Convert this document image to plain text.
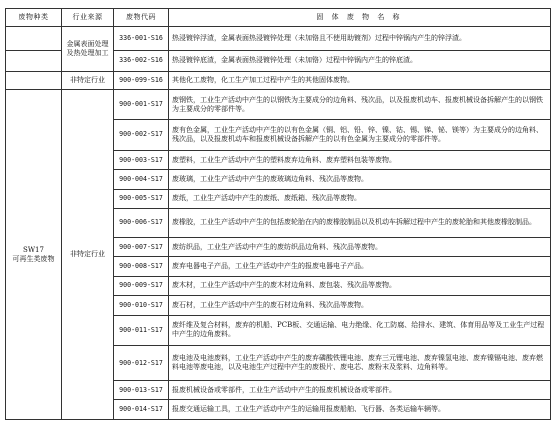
废物种类	行业来源	废物代码	固 体 废 物 名 称
	金属表面处理及热处理加工	336-001-S16	热浸镀锌浮渣，金属表面热浸镀锌处理（未加铬且不使用助镀剂）过程中锌锅内产生的锌浮渣。
		336-002-S16	热浸镀锌底渣，金属表面热浸镀锌处理（未加铬）过程中锌锅内产生的锌底渣。
	非特定行业	900-099-S16	其他化工废物，化工生产加工过程中产生的其他固体废物。

SW17
可再生类废物	非特定行业	900-001-S17	废钢铁，工业生产活动中产生的以钢铁为主要成分的边角料、残次品，以及报废机动车、报废机械设备拆解产生的以钢铁为主要成分的零部件等。
		900-002-S17	废有色金属，工业生产活动中产生的以有色金属（铜、铝、铅、锌、镍、钴、锡、锑、铋、镁等）为主要成分的边角料、残次品，以及报废机动车和报废机械设备拆解产生的以有色金属为主要成分的零部件等。
		900-003-S17	废塑料，工业生产活动中产生的塑料废弃边角料、废弃塑料包装等废物。
		900-004-S17	废玻璃，工业生产活动中产生的废玻璃边角料、残次品等废物。
		900-005-S17	废纸，工业生产活动中产生的废纸、废纸箱、残次品等废物。
		900-006-S17	废橡胶，工业生产活动中产生的包括废轮胎在内的废橡胶制品以及机动车拆解过程中产生的废轮胎和其他废橡胶制品。
		900-007-S17	废纺织品，工业生产活动中产生的废纺织品边角料、残次品等废物。
		900-008-S17	废弃电器电子产品，工业生产活动中产生的报废电器电子产品。
		900-009-S17	废木材，工业生产活动中产生的废木材边角料、废包装、残次品等废物。
		900-010-S17	废石材，工业生产活动中产生的废石材边角料、残次品等废物。
		900-011-S17	废纤维及复合材料，废弃的机船、PCB板、交通运输、电力绝缘、化工防腐、给排水、建筑、体育用品等及工业生产过程中产生的边角废料。
		900-012-S17	废电池及电池废料，工业生产活动中产生的废弃磷酸铁锂电池、废弃三元锂电池、废弃镍氢电池、废弃镍镉电池、废弃燃料电池等废电池，以及电池生产过程中产生的废极片、废电芯、废粉末及浆料、边角料等。
		900-013-S17	报废机械设备或零部件，工业生产活动中产生的报废机械设备或零部件。
		900-014-S17	报废交通运输工具，工业生产活动中产生的运输用报废船舶、飞行器、各类运输车辆等。
